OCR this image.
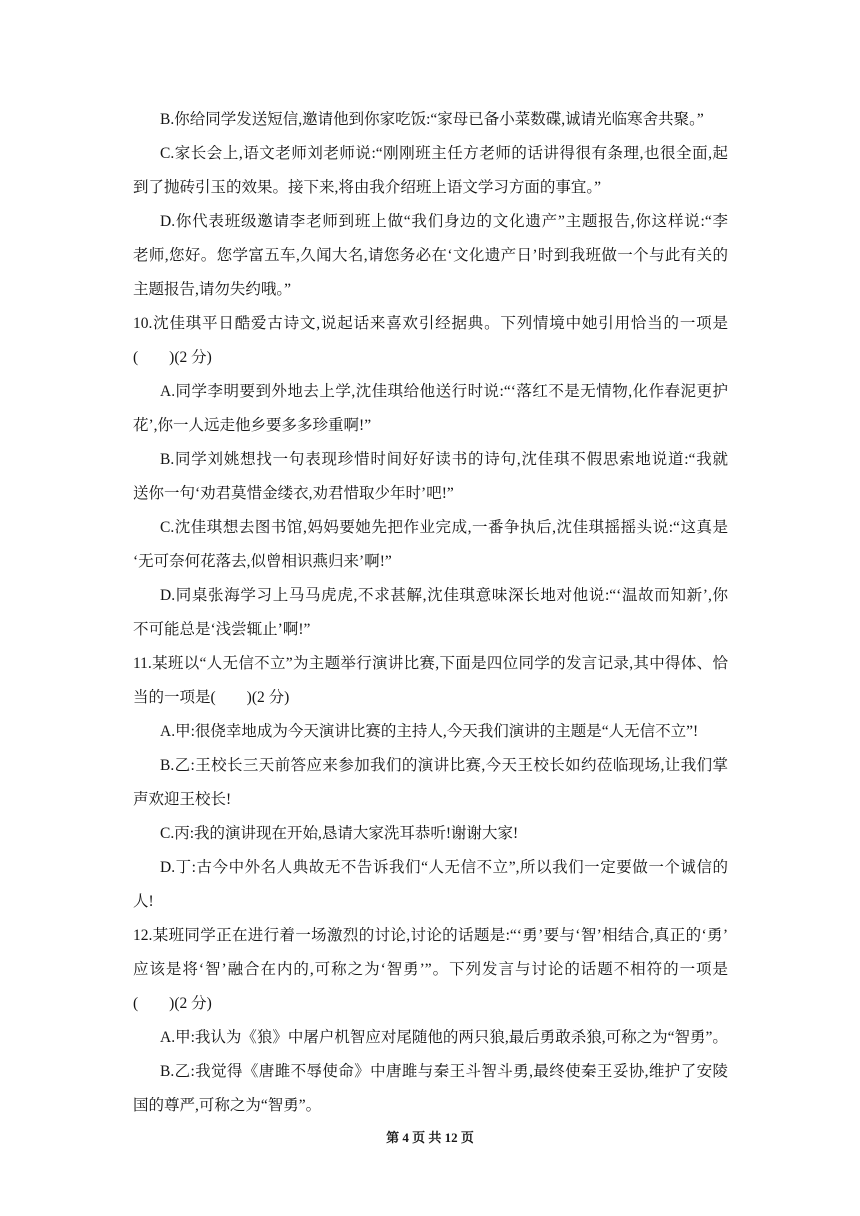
B.你给同学发送短信,邀请他到你家吃饭:“家母已备小菜数碟,诚请光临寒舍共聚。”
C.家长会上,语文老师刘老师说:“刚刚班主任方老师的话讲得很有条理,也很全面,起
到了抛砖引玉的效果。接下来,将由我介绍班上语文学习方面的事宜。”
D.你代表班级邀请李老师到班上做“我们身边的文化遗产”主题报告,你这样说:“李
老师,您好。您学富五车,久闻大名,请您务必在‘文化遗产日’时到我班做一个与此有关的
主题报告,请勿失约哦。”
10.沈佳琪平日酷爱古诗文,说起话来喜欢引经据典。下列情境中她引用恰当的一项是
(　　)(2 分)
A.同学李明要到外地去上学,沈佳琪给他送行时说:“‘落红不是无情物,化作春泥更护
花’,你一人远走他乡要多多珍重啊!”
B.同学刘姚想找一句表现珍惜时间好好读书的诗句,沈佳琪不假思索地说道:“我就
送你一句‘劝君莫惜金缕衣,劝君惜取少年时’吧!”
C.沈佳琪想去图书馆,妈妈要她先把作业完成,一番争执后,沈佳琪摇摇头说:“这真是
‘无可奈何花落去,似曾相识燕归来’啊!”
D.同桌张海学习上马马虎虎,不求甚解,沈佳琪意味深长地对他说:“‘温故而知新’,你
不可能总是‘浅尝辄止’啊!”
11.某班以“人无信不立”为主题举行演讲比赛,下面是四位同学的发言记录,其中得体、恰
当的一项是(　　)(2 分)
A.甲:很侥幸地成为今天演讲比赛的主持人,今天我们演讲的主题是“人无信不立”!
B.乙:王校长三天前答应来参加我们的演讲比赛,今天王校长如约莅临现场,让我们掌
声欢迎王校长!
C.丙:我的演讲现在开始,恳请大家洗耳恭听!谢谢大家!
D.丁:古今中外名人典故无不告诉我们“人无信不立”,所以我们一定要做一个诚信的
人!
12.某班同学正在进行着一场激烈的讨论,讨论的话题是:“‘勇’要与‘智’相结合,真正的‘勇’
应该是将‘智’融合在内的,可称之为‘智勇’”。下列发言与讨论的话题不相符的一项是
(　　)(2 分)
A.甲:我认为《狼》中屠户机智应对尾随他的两只狼,最后勇敢杀狼,可称之为“智勇”。
B.乙:我觉得《唐雎不辱使命》中唐雎与秦王斗智斗勇,最终使秦王妥协,维护了安陵
国的尊严,可称之为“智勇”。
第 4 页 共 12 页
